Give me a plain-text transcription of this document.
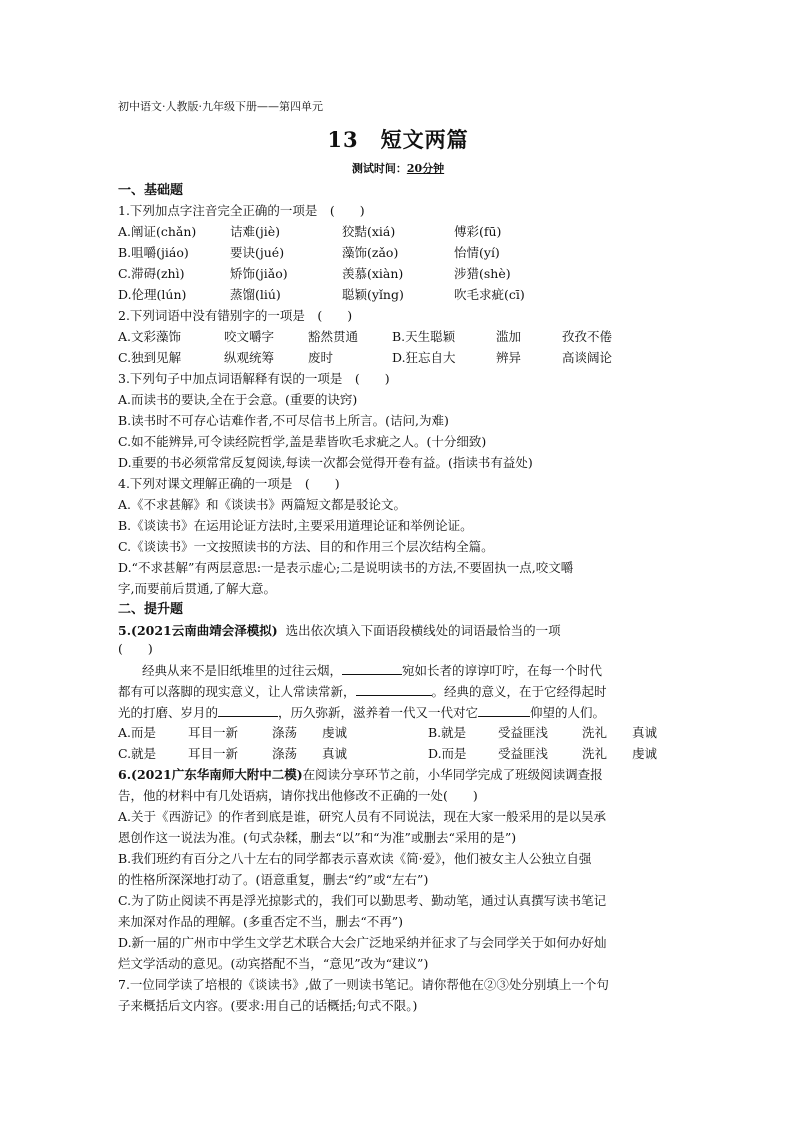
初中语文·人教版·九年级下册——第四单元
13　短文两篇
测试时间：20分钟
一、基础题
1.下列加点字注音完全正确的一项是　(　　)
A.阐证(chǎn)	诘难(jiè)	狡黠(xiá)	傅彩(fū)
B.咀嚼(jiáo)	要诀(jué)	藻饰(zǎo)	怡情(yí)
C.滞碍(zhì)	矫饰(jiǎo)	羡慕(xiàn)	涉猎(shè)
D.伦理(lún)	蒸馏(liú)	聪颖(yǐng)	吹毛求疵(cī)
2.下列词语中没有错别字的一项是　(　　)
A.文彩藻饰	咬文嚼字	豁然贯通	B.天生聪颖	滥加	孜孜不倦
C.独到见解	纵观统筹	废时	D.狂忘自大	辨异	高谈阔论
3.下列句子中加点词语解释有误的一项是　(　　)
A.而读书的要诀,全在于会意。(重要的诀窍)
B.读书时不可存心诘难作者,不可尽信书上所言。(诘问,为难)
C.如不能辨异,可令读经院哲学,盖是辈皆吹毛求疵之人。(十分细致)
D.重要的书必须常常反复阅读,每读一次都会觉得开卷有益。(指读书有益处)
4.下列对课文理解正确的一项是　(　　)
A.《不求甚解》和《谈读书》两篇短文都是驳论文。
B.《谈读书》在运用论证方法时,主要采用道理论证和举例论证。
C.《谈读书》一文按照读书的方法、目的和作用三个层次结构全篇。
D.“不求甚解”有两层意思:一是表示虚心;二是说明读书的方法,不要固执一点,咬文嚼
字,而要前后贯通,了解大意。
二、提升题
5.(2021云南曲靖会泽模拟) 选出依次填入下面语段横线处的词语最恰当的一项
(　　)
经典从来不是旧纸堆里的过往云烟，	宛如长者的谆谆叮咛，在每一个时代
都有可以落脚的现实意义，让人常读常新，	。经典的意义，在于它经得起时
光的打磨、岁月的	，历久弥新，滋养着一代又一代对它	仰望的人们。
A.而是	耳目一新	涤荡 虔诚	B.就是	受益匪浅	洗礼 真诚
C.就是	耳目一新	涤荡 真诚	D.而是	受益匪浅	洗礼 虔诚
6.(2021广东华南师大附中二模)在阅读分享环节之前，小华同学完成了班级阅读调查报
告，他的材料中有几处语病，请你找出他修改不正确的一处(　　)
A.关于《西游记》的作者到底是谁，研究人员有不同说法，现在大家一般采用的是以吴承
恩创作这一说法为准。(句式杂糅，删去“以”和“为准”或删去“采用的是”)
B.我们班约有百分之八十左右的同学都表示喜欢读《简·爱》，他们被女主人公独立自强
的性格所深深地打动了。(语意重复，删去“约”或“左右”)
C.为了防止阅读不再是浮光掠影式的，我们可以勤思考、勤动笔，通过认真撰写读书笔记
来加深对作品的理解。(多重否定不当，删去“不再”)
D.新一届的广州市中学生文学艺术联合大会广泛地采纳并征求了与会同学关于如何办好灿
烂文学活动的意见。(动宾搭配不当，“意见”改为“建议”)
7.一位同学读了培根的《谈读书》,做了一则读书笔记。请你帮他在②③处分别填上一个句
子来概括后文内容。(要求:用自己的话概括;句式不限。)
